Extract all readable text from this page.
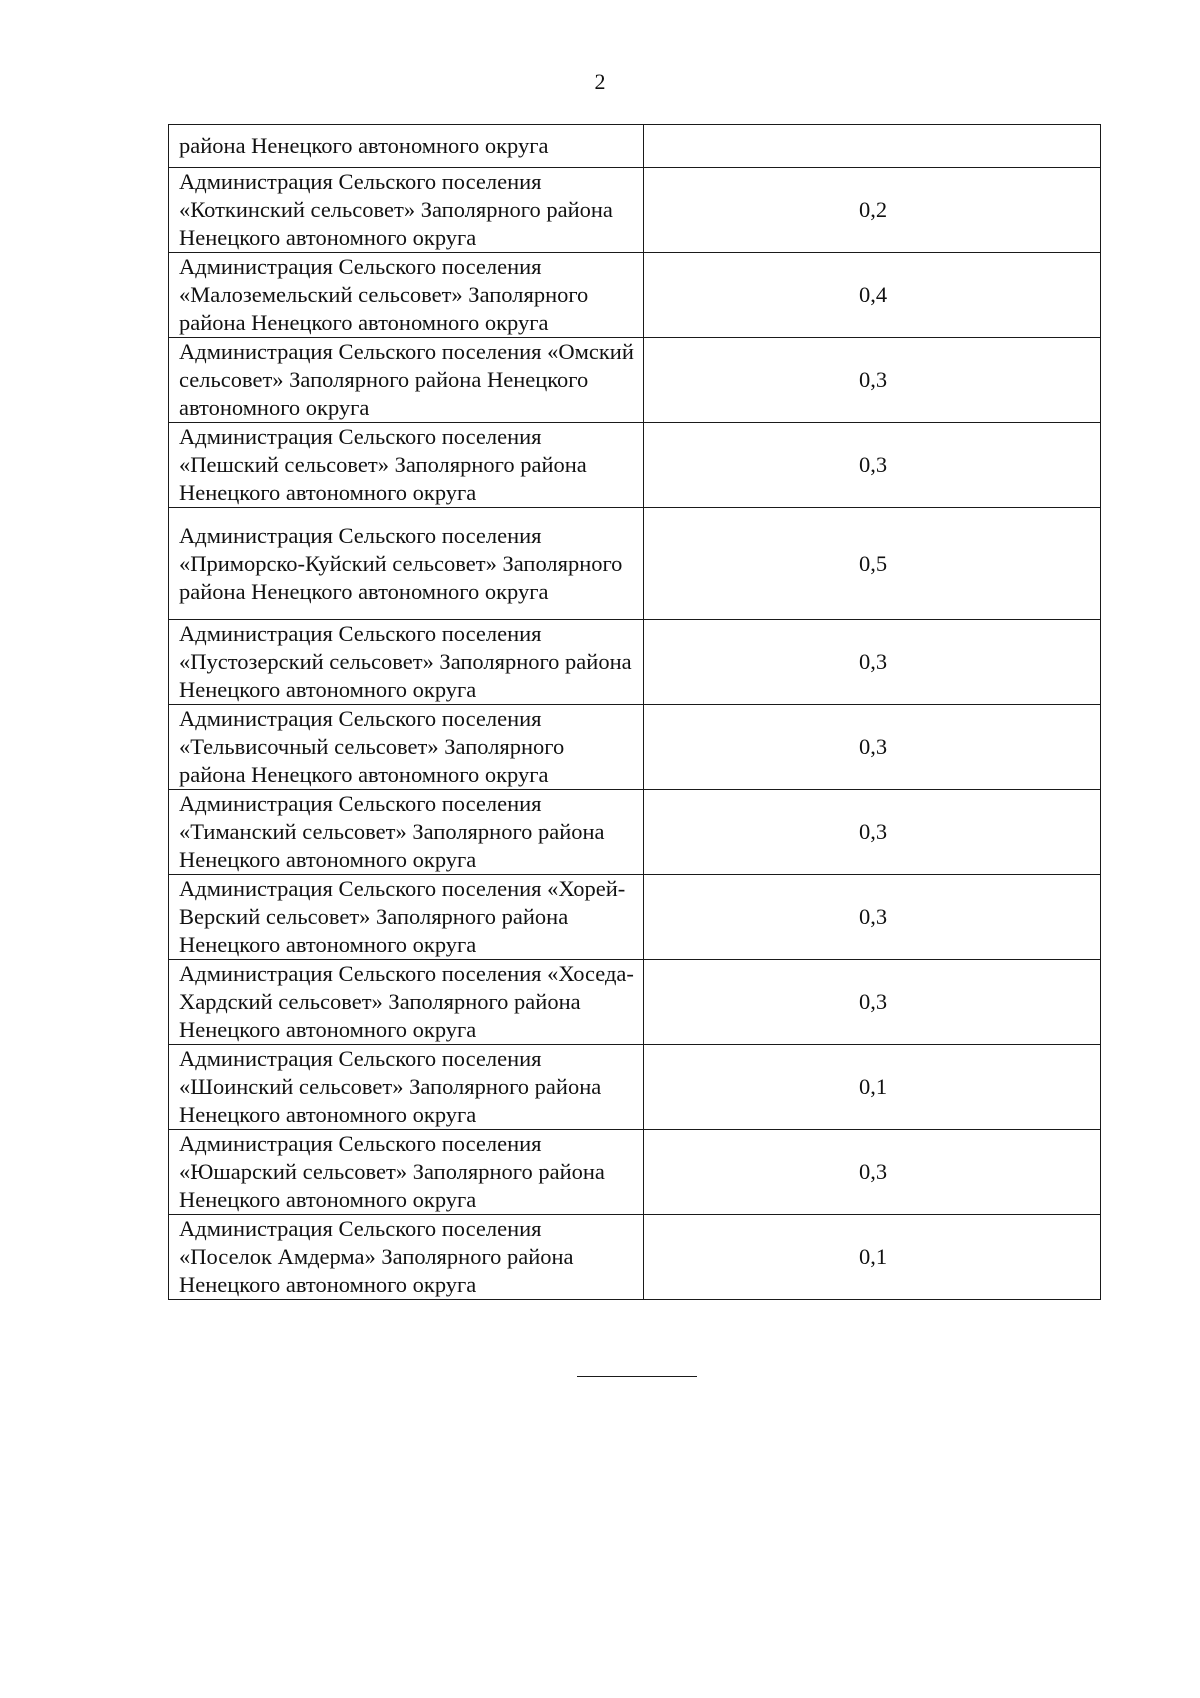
2
района Ненецкого автономного округа	
Администрация Сельского поселения «Коткинский сельсовет» Заполярного района Ненецкого автономного округа	0,2
Администрация Сельского поселения «Малоземельский сельсовет» Заполярного района Ненецкого автономного округа	0,4
Администрация Сельского поселения «Омский сельсовет» Заполярного района Ненецкого автономного округа	0,3
Администрация Сельского поселения «Пешский сельсовет» Заполярного района Ненецкого автономного округа	0,3
Администрация Сельского поселения «Приморско-Куйский сельсовет» Заполярного района Ненецкого автономного округа	0,5
Администрация Сельского поселения «Пустозерский сельсовет» Заполярного района Ненецкого автономного округа	0,3
Администрация Сельского поселения «Тельвисочный сельсовет» Заполярного района Ненецкого автономного округа	0,3
Администрация Сельского поселения «Тиманский сельсовет» Заполярного района Ненецкого автономного округа	0,3
Администрация Сельского поселения «Хорей-Верский сельсовет» Заполярного района Ненецкого автономного округа	0,3
Администрация Сельского поселения «Хоседа-Хардский сельсовет» Заполярного района Ненецкого автономного округа	0,3
Администрация Сельского поселения «Шоинский сельсовет» Заполярного района Ненецкого автономного округа	0,1
Администрация Сельского поселения «Юшарский сельсовет» Заполярного района Ненецкого автономного округа	0,3
Администрация Сельского поселения «Поселок Амдерма» Заполярного района Ненецкого автономного округа	0,1
